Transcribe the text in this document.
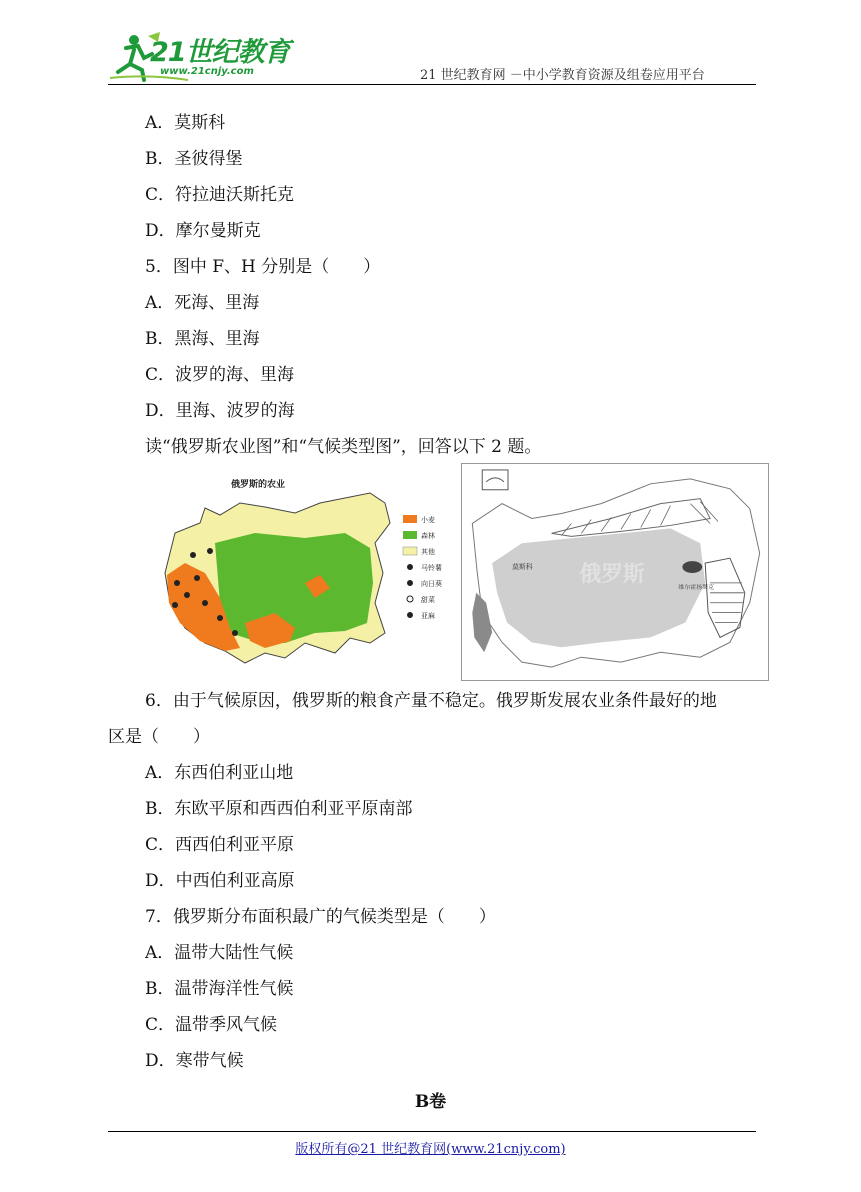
21世纪教育
www.21cnjy.com	21 世纪教育网 －中小学教育资源及组卷应用平台
A．莫斯科
B．圣彼得堡
C．符拉迪沃斯托克
D．摩尔曼斯克
5．图中 F、H 分别是（　　）
A．死海、里海
B．黑海、里海
C．波罗的海、里海
D．里海、波罗的海
读“俄罗斯农业图”和“气候类型图”，回答以下 2 题。
俄罗斯的农业
小麦
森林
其他
马铃薯
向日葵
甜菜
亚麻
莫斯科 俄罗斯
维尔霍扬斯克
6．由于气候原因，俄罗斯的粮食产量不稳定。俄罗斯发展农业条件最好的地
区是（　　）
A．东西伯利亚山地
B．东欧平原和西西伯利亚平原南部
C．西西伯利亚平原
D．中西伯利亚高原
7．俄罗斯分布面积最广的气候类型是（　　）
A．温带大陆性气候
B．温带海洋性气候
C．温带季风气候
D．寒带气候
B卷
版权所有@21 世纪教育网(www.21cnjy.com)
